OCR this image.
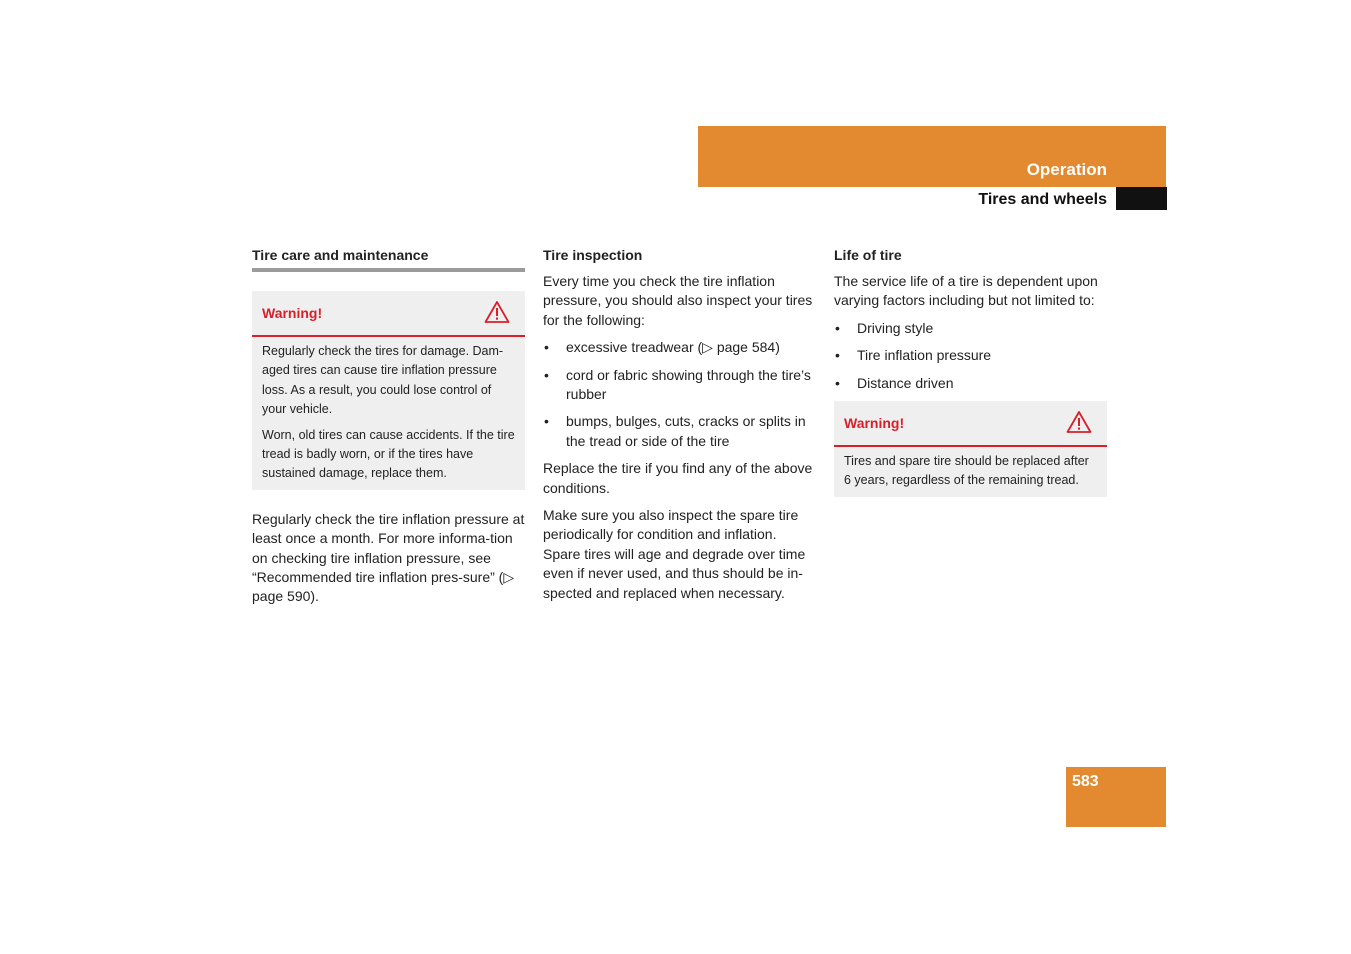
Operation
Tires and wheels
Tire care and maintenance
Warning!

Regularly check the tires for damage. Dam-aged tires can cause tire inflation pressure loss. As a result, you could lose control of your vehicle.

Worn, old tires can cause accidents. If the tire tread is badly worn, or if the tires have sustained damage, replace them.

Regularly check the tire inflation pressure at least once a month. For more informa-tion on checking tire inflation pressure, see “Recommended tire inflation pres-sure” (▷ page 590).

Tire inspection

Every time you check the tire inflation pressure, you should also inspect your tires for the following:

• excessive treadwear (▷ page 584)
• cord or fabric showing through the tire’s rubber
• bumps, bulges, cuts, cracks or splits in the tread or side of the tire

Replace the tire if you find any of the above conditions.

Make sure you also inspect the spare tire periodically for condition and inflation. Spare tires will age and degrade over time even if never used, and thus should be in-spected and replaced when necessary.

Life of tire

The service life of a tire is dependent upon varying factors including but not limited to:

• Driving style
• Tire inflation pressure
• Distance driven
Warning!

Tires and spare tire should be replaced after 6 years, regardless of the remaining tread.

583
